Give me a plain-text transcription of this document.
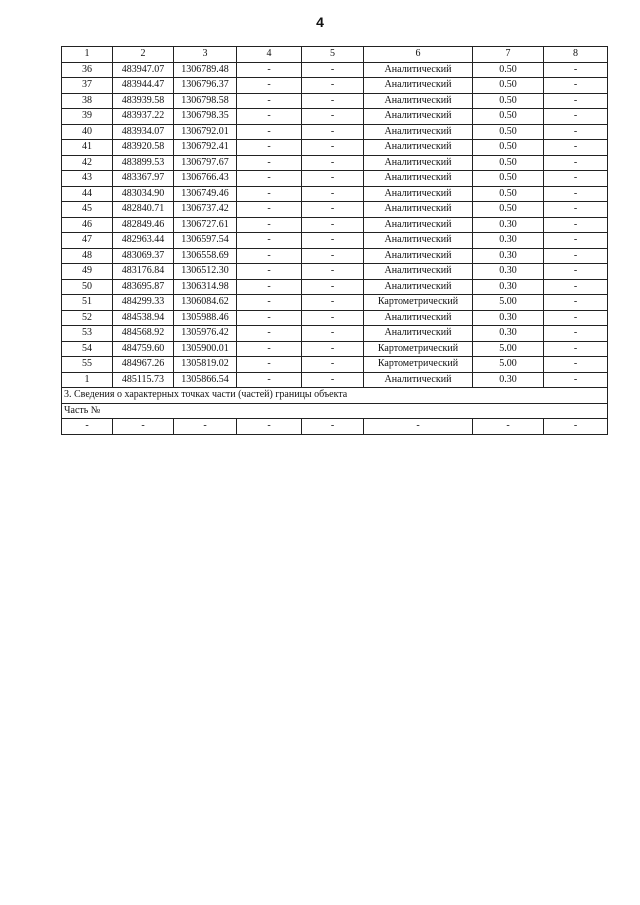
4
1	2	3	4	5	6	7	8
36	483947.07	1306789.48	-	-	Аналитический	0.50	-
37	483944.47	1306796.37	-	-	Аналитический	0.50	-
38	483939.58	1306798.58	-	-	Аналитический	0.50	-
39	483937.22	1306798.35	-	-	Аналитический	0.50	-
40	483934.07	1306792.01	-	-	Аналитический	0.50	-
41	483920.58	1306792.41	-	-	Аналитический	0.50	-
42	483899.53	1306797.67	-	-	Аналитический	0.50	-
43	483367.97	1306766.43	-	-	Аналитический	0.50	-
44	483034.90	1306749.46	-	-	Аналитический	0.50	-
45	482840.71	1306737.42	-	-	Аналитический	0.50	-
46	482849.46	1306727.61	-	-	Аналитический	0.30	-
47	482963.44	1306597.54	-	-	Аналитический	0.30	-
48	483069.37	1306558.69	-	-	Аналитический	0.30	-
49	483176.84	1306512.30	-	-	Аналитический	0.30	-
50	483695.87	1306314.98	-	-	Аналитический	0.30	-
51	484299.33	1306084.62	-	-	Картометрический	5.00	-
52	484538.94	1305988.46	-	-	Аналитический	0.30	-
53	484568.92	1305976.42	-	-	Аналитический	0.30	-
54	484759.60	1305900.01	-	-	Картометрический	5.00	-
55	484967.26	1305819.02	-	-	Картометрический	5.00	-
1	485115.73	1305866.54	-	-	Аналитический	0.30	-
3. Сведения о характерных точках части (частей) границы объекта							
Часть №							
-	-	-	-	-	-	-	-
